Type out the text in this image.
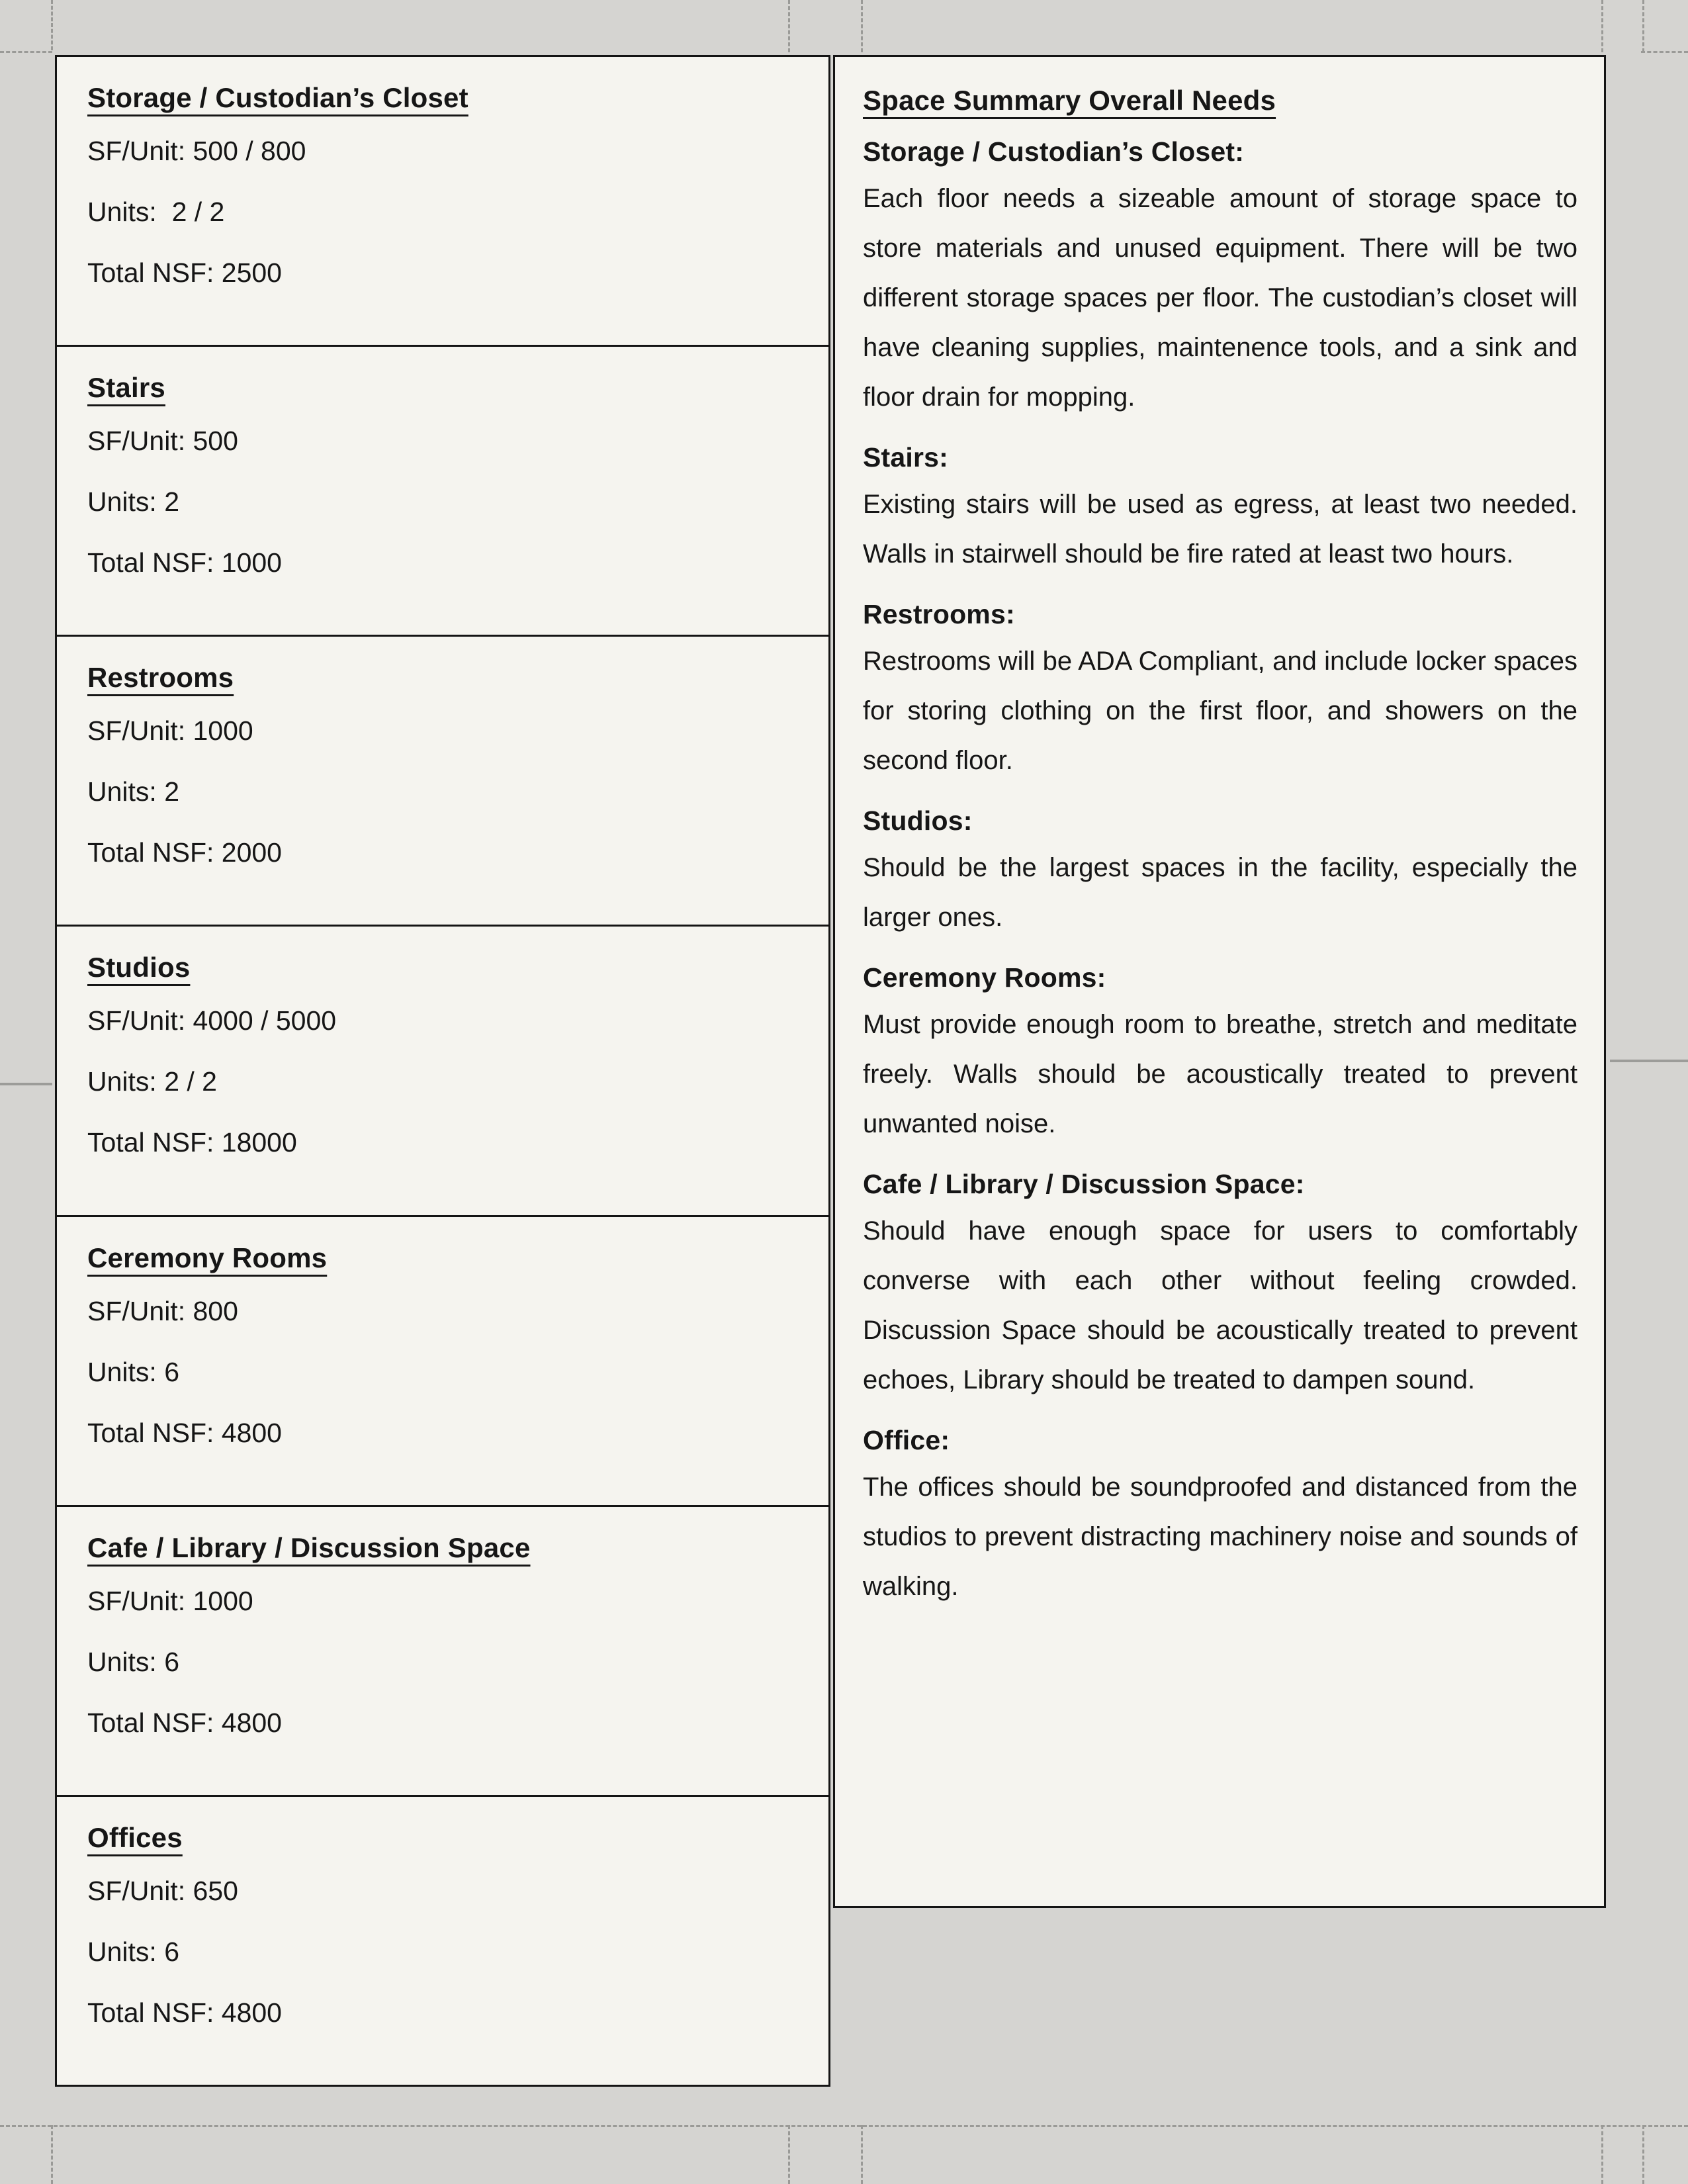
Storage / Custodian’s Closet

SF/Unit: 500 / 800

Units:  2 / 2

Total NSF: 2500

Stairs

SF/Unit: 500

Units: 2

Total NSF: 1000

Restrooms

SF/Unit: 1000

Units: 2

Total NSF: 2000

Studios

SF/Unit: 4000 / 5000

Units: 2 / 2

Total NSF: 18000

Ceremony Rooms

SF/Unit: 800

Units: 6

Total NSF: 4800

Cafe / Library / Discussion Space

SF/Unit: 1000

Units: 6

Total NSF: 4800

Offices

SF/Unit: 650

Units: 6

Total NSF: 4800

Space Summary Overall Needs
Storage / Custodian’s Closet:

Each floor needs a sizeable amount of storage space to store materials and unused equipment. There will be two different storage spaces per floor. The custodian’s closet will have cleaning supplies, maintenence tools, and a sink and floor drain for mopping.

Stairs:

Existing stairs will be used as egress, at least two needed. Walls in stairwell should be fire rated at least two hours.

Restrooms:

Restrooms will be ADA Compliant, and include locker spaces for storing clothing on the first floor, and showers on the second floor.

Studios:

Should be the largest spaces in the facility, especially the larger ones.

Ceremony Rooms:

Must provide enough room to breathe, stretch and meditate freely. Walls should be acoustically treated to prevent unwanted noise.

Cafe / Library / Discussion Space:

Should have enough space for users to comfortably converse with each other without feeling crowded. Discussion Space should be acoustically treated to prevent echoes, Library should be treated to dampen sound.

Office:

The offices should be soundproofed and distanced from the studios to prevent distracting machinery noise and sounds of walking.
